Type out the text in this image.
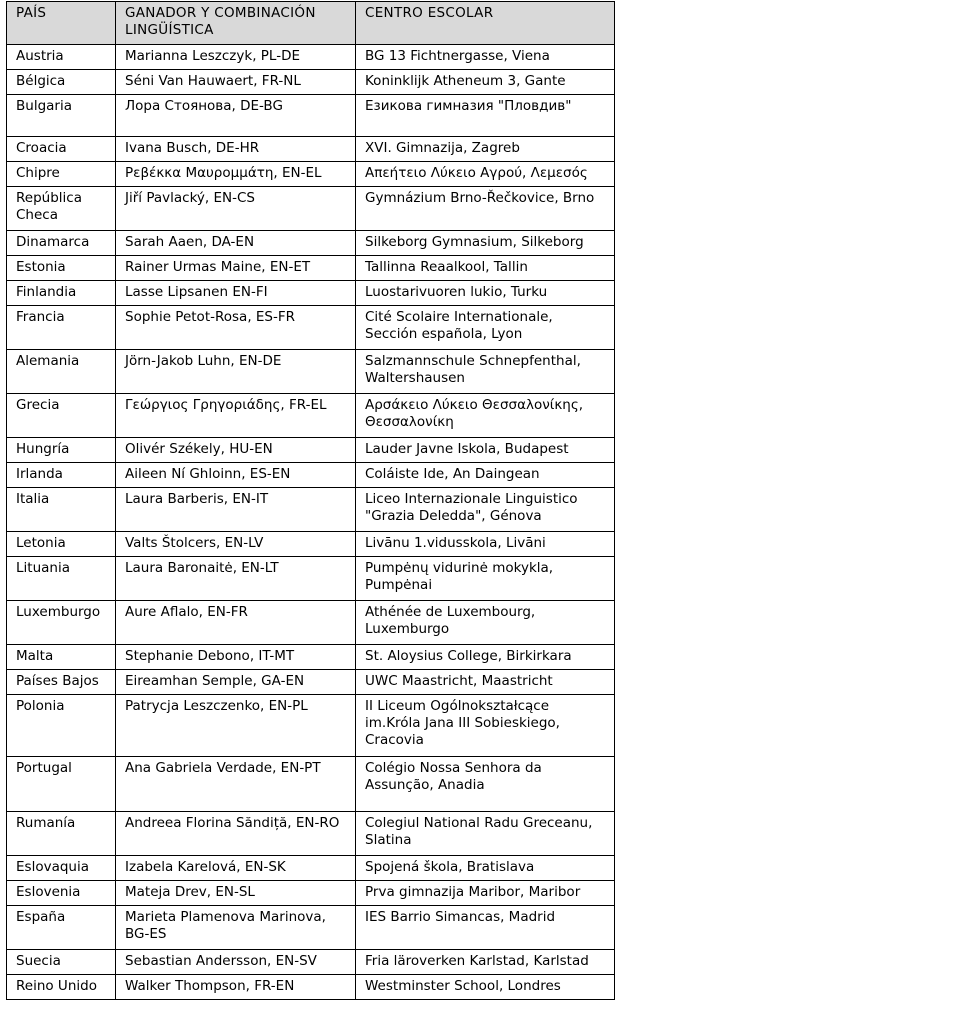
PAÍS	GANADOR Y COMBINACIÓN LINGÜÍSTICA	CENTRO ESCOLAR
Austria	Marianna Leszczyk, PL-DE	BG 13 Fichtnergasse, Viena
Bélgica	Séni Van Hauwaert, FR-NL	Koninklijk Atheneum 3, Gante
Bulgaria	Лора Стоянова, DE-BG	Езикова гимназия "Пловдив"
Croacia	Ivana Busch, DE-HR	XVI. Gimnazija, Zagreb
Chipre	Ρεβέκκα Μαυρομμάτη, EN-EL	Απεήτειο Λύκειο Αγρού, Λεμεσός
República Checa	Jiří Pavlacký, EN-CS	Gymnázium Brno-Řečkovice, Brno
Dinamarca	Sarah Aaen, DA-EN	Silkeborg Gymnasium, Silkeborg
Estonia	Rainer Urmas Maine, EN-ET	Tallinna Reaalkool, Tallin
Finlandia	Lasse Lipsanen EN-FI	Luostarivuoren lukio, Turku
Francia	Sophie Petot-Rosa, ES-FR	Cité Scolaire Internationale, Sección española, Lyon
Alemania	Jörn-Jakob Luhn, EN-DE	Salzmannschule Schnepfenthal, Waltershausen
Grecia	Γεώργιος Γρηγοριάδης, FR-EL	Αρσάκειο Λύκειο Θεσσαλονίκης, Θεσσαλονίκη
Hungría	Olivér Székely, HU-EN	Lauder Javne Iskola, Budapest
Irlanda	Aileen Ní Ghloinn, ES-EN	Coláiste Ide, An Daingean
Italia	Laura Barberis, EN-IT	Liceo Internazionale Linguistico "Grazia Deledda", Génova
Letonia	Valts Štolcers, EN-LV	Livānu 1.vidusskola, Livāni
Lituania	Laura Baronaitė, EN-LT	Pumpėnų vidurinė mokykla, Pumpėnai
Luxemburgo	Aure Aflalo, EN-FR	Athénée de Luxembourg, Luxemburgo
Malta	Stephanie Debono, IT-MT	St. Aloysius College, Birkirkara
Países Bajos	Eireamhan Semple, GA-EN	UWC Maastricht, Maastricht
Polonia	Patrycja Leszczenko, EN-PL	II Liceum Ogólnokształcące im.Króla Jana III Sobieskiego, Cracovia
Portugal	Ana Gabriela Verdade, EN-PT	Colégio Nossa Senhora da Assunção, Anadia
Rumanía	Andreea Florina Săndiță, EN-RO	Colegiul National Radu Greceanu, Slatina
Eslovaquia	Izabela Karelová, EN-SK	Spojená škola, Bratislava
Eslovenia	Mateja Drev, EN-SL	Prva gimnazija Maribor, Maribor
España	Marieta Plamenova Marinova, BG-ES	IES Barrio Simancas, Madrid
Suecia	Sebastian Andersson, EN-SV	Fria läroverken Karlstad, Karlstad
Reino Unido	Walker Thompson, FR-EN	Westminster School, Londres
